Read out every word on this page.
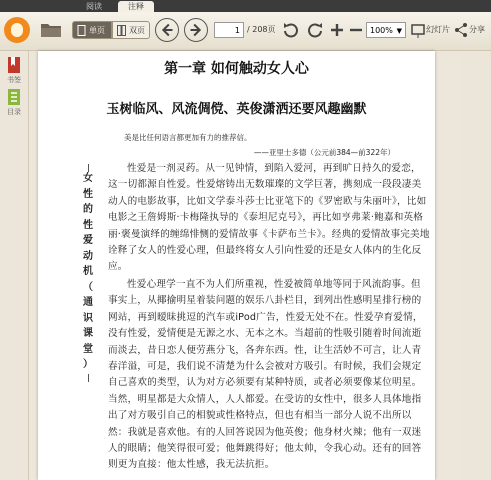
阅读	注释
单页	双页	1 / 208页	100% ▼	幻灯片 分享
书签
目录
第一章 如何触动女人心
玉树临风、风流倜傥、英俊潇洒还要风趣幽默
美是比任何语言都更加有力的推荐信。
——亚里士多德（公元前384—前322年）
女
性
的
性
爱
动
机
（
通
识
课
堂
）

性爱是一剂灵药。从一见钟情，到陷入爱河，再到旷日持久的爱恋，这一切都源自性爱。性爱熔铸出无数璀璨的文学巨著，携刻成一段段凄美动人的电影故事，比如文学泰斗莎士比亚笔下的《罗密欧与朱丽叶》，比如电影之王詹姆斯·卡梅隆执导的《泰坦尼克号》，再比如亨弗莱·鲍嘉和英格丽·褒曼演绎的缠绵悱恻的爱情故事《卡萨布兰卡》。经典的爱情故事完美地诠释了女人的性爱心理，但最终将女人引向性爱的还是女人体内的生化反应。

性爱心理学一直不为人们所重视，性爱被简单地等同于风流韵事。但事实上，从揶揄明星着装问题的娱乐八卦栏目，到列出性感明星排行榜的网站，再到暧昧挑逗的汽车或iPod广告，性爱无处不在。性爱孕育爱情，没有性爱，爱情便是无源之水、无本之木。当超前的性吸引随着时间流逝而淡去，昔日恋人便劳燕分飞，各奔东西。性，让生活妙不可言，让人青春洋溢，可是，我们说不清楚为什么会被对方吸引。有时候，我们会规定自己喜欢的类型，认为对方必须要有某种特质，或者必须要像某位明星。当然，明星都是大众情人，人人都爱。在受访的女性中，很多人具体地指出了对方吸引自己的相貌或性格特点，但也有相当一部分人说不出所以然：我就是喜欢他。有的人回答说因为他英俊；他身材火辣；他有一双迷人的眼睛；他笑得很可爱；他舞跳得好；他太帅，令我心动。还有的回答则更为直接：他太性感，我无法抗拒。
